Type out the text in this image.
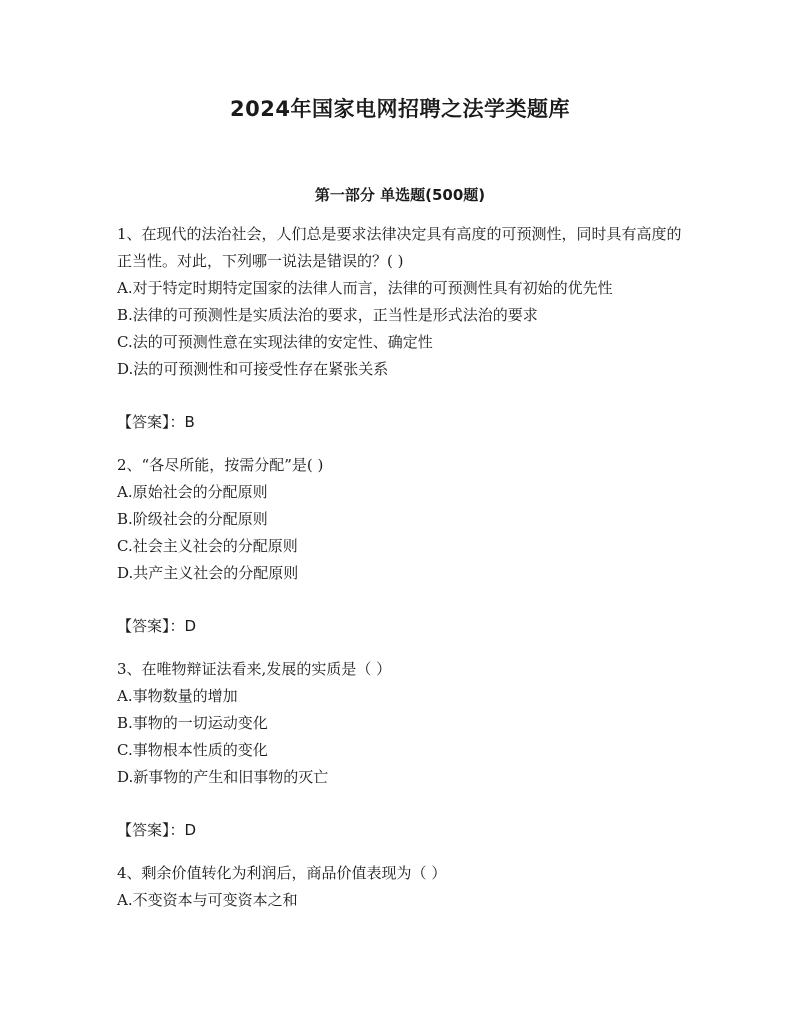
2024年国家电网招聘之法学类题库
第一部分 单选题(500题)
1、在现代的法治社会，人们总是要求法律决定具有高度的可预测性，同时具有高度的正当性。对此，下列哪一说法是错误的？( )
A.对于特定时期特定国家的法律人而言，法律的可预测性具有初始的优先性
B.法律的可预测性是实质法治的要求，正当性是形式法治的要求
C.法的可预测性意在实现法律的安定性、确定性
D.法的可预测性和可接受性存在紧张关系
【答案】：B
2、“各尽所能，按需分配”是( )
A.原始社会的分配原则
B.阶级社会的分配原则
C.社会主义社会的分配原则
D.共产主义社会的分配原则
【答案】：D
3、在唯物辩证法看来,发展的实质是（ ）
A.事物数量的增加
B.事物的一切运动变化
C.事物根本性质的变化
D.新事物的产生和旧事物的灭亡
【答案】：D
4、剩余价值转化为利润后，商品价值表现为（ ）
A.不变资本与可变资本之和
